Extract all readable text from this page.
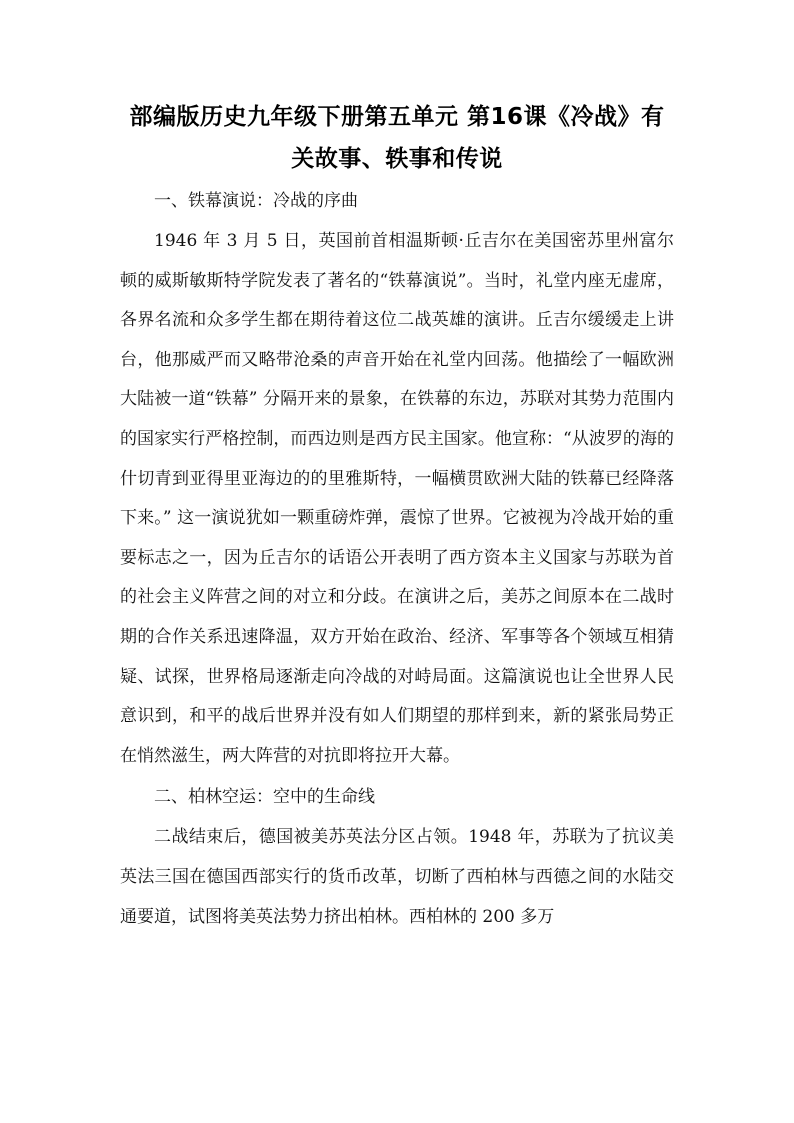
部编版历史九年级下册第五单元 第16课《冷战》有关故事、轶事和传说
一、铁幕演说：冷战的序曲

1946 年 3 月 5 日，英国前首相温斯顿·丘吉尔在美国密苏里州富尔顿的威斯敏斯特学院发表了著名的“铁幕演说”。当时，礼堂内座无虚席，各界名流和众多学生都在期待着这位二战英雄的演讲。丘吉尔缓缓走上讲台，他那威严而又略带沧桑的声音开始在礼堂内回荡。他描绘了一幅欧洲大陆被一道“铁幕” 分隔开来的景象，在铁幕的东边，苏联对其势力范围内的国家实行严格控制，而西边则是西方民主国家。他宣称：“从波罗的海的什切青到亚得里亚海边的的里雅斯特，一幅横贯欧洲大陆的铁幕已经降落下来。” 这一演说犹如一颗重磅炸弹，震惊了世界。它被视为冷战开始的重要标志之一，因为丘吉尔的话语公开表明了西方资本主义国家与苏联为首的社会主义阵营之间的对立和分歧。在演讲之后，美苏之间原本在二战时期的合作关系迅速降温，双方开始在政治、经济、军事等各个领域互相猜疑、试探，世界格局逐渐走向冷战的对峙局面。这篇演说也让全世界人民意识到，和平的战后世界并没有如人们期望的那样到来，新的紧张局势正在悄然滋生，两大阵营的对抗即将拉开大幕。

二、柏林空运：空中的生命线

二战结束后，德国被美苏英法分区占领。1948 年，苏联为了抗议美英法三国在德国西部实行的货币改革，切断了西柏林与西德之间的水陆交通要道，试图将美英法势力挤出柏林。西柏林的 200 多万
